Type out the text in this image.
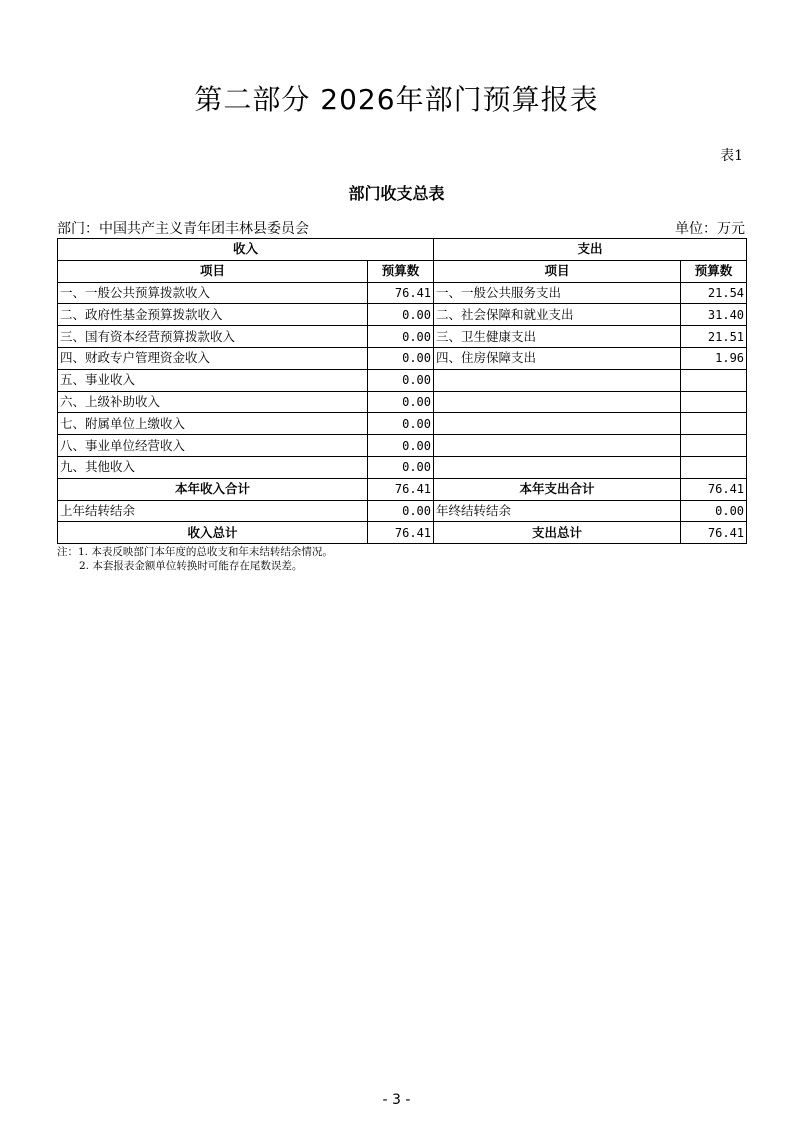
第二部分 2026年部门预算报表
表1
部门收支总表
部门：中国共产主义青年团丰林县委员会	单位：万元
收入		支出	
项目	预算数	项目	预算数
一、一般公共预算拨款收入	76.41	一、一般公共服务支出	21.54
二、政府性基金预算拨款收入	0.00	二、社会保障和就业支出	31.40
三、国有资本经营预算拨款收入	0.00	三、卫生健康支出	21.51
四、财政专户管理资金收入	0.00	四、住房保障支出	1.96
五、事业收入	0.00		
六、上级补助收入	0.00		
七、附属单位上缴收入	0.00		
八、事业单位经营收入	0.00		
九、其他收入	0.00		
本年收入合计	76.41	本年支出合计	76.41
上年结转结余	0.00	年终结转结余	0.00
收入总计	76.41	支出总计	76.41
注：1. 本表反映部门本年度的总收支和年末结转结余情况。
2. 本套报表金额单位转换时可能存在尾数误差。
- 3 -
